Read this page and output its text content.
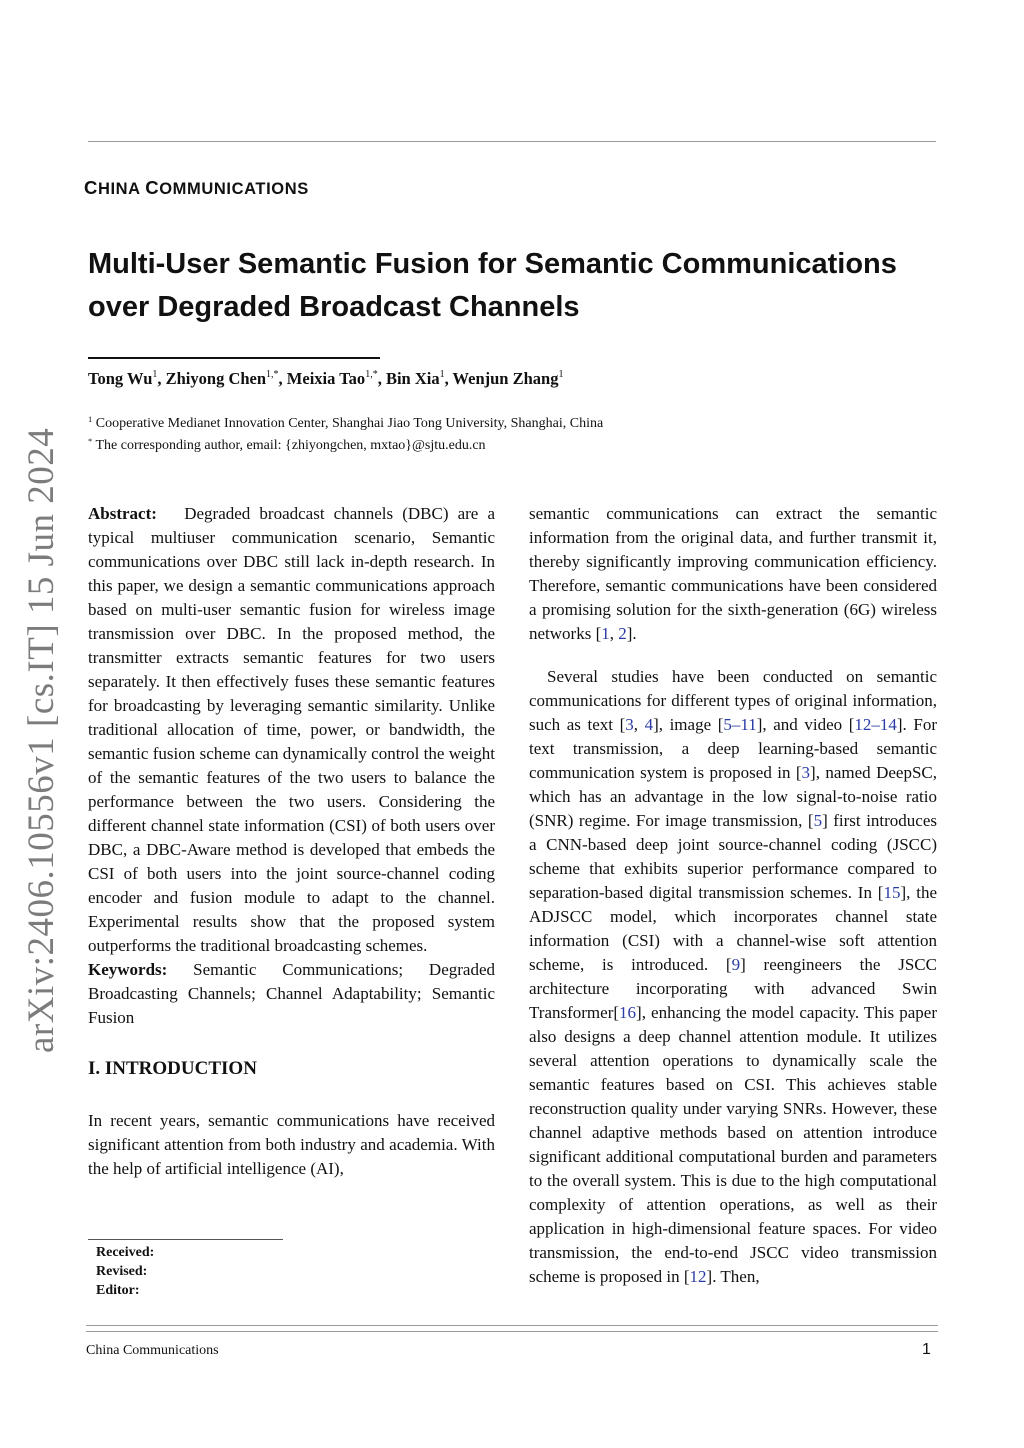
CHINA COMMUNICATIONS
Multi-User Semantic Fusion for Semantic Communications
over Degraded Broadcast Channels
Tong Wu$^1$, Zhiyong Chen$^{1,*}$, Meixia Tao$^{1,*}$, Bin Xia$^1$, Wenjun Zhang$^1$
$^1$ Cooperative Medianet Innovation Center, Shanghai Jiao Tong University, Shanghai, China
* The corresponding author, email: {zhiyongchen, mxtao}@sjtu.edu.cn
arXiv:2406.10556v1 [cs.IT] 15 Jun 2024 Abstract: Degraded broadcast channels (DBC) are a typical multiuser communication scenario, Semantic communications over DBC still lack in-depth research. In this paper, we design a semantic communications approach based on multi-user semantic fusion for wireless image transmission over DBC. In the proposed method, the transmitter extracts semantic features for two users separately. It then effectively fuses these semantic features for broadcasting by leveraging semantic similarity. Unlike traditional allocation of time, power, or bandwidth, the semantic fusion scheme can dynamically control the weight of the semantic features of the two users to balance the performance between the two users. Considering the different channel state information (CSI) of both users over DBC, a DBC-Aware method is developed that embeds the CSI of both users into the joint source-channel coding encoder and fusion module to adapt to the channel. Experimental results show that the proposed system outperforms the traditional broadcasting schemes.

Keywords: Semantic Communications; Degraded Broadcasting Channels; Channel Adaptability; Semantic Fusion

I. INTRODUCTION

In recent years, semantic communications have received significant attention from both industry and academia. With the help of artificial intelligence (AI),

Received:
Revised:
Editor:

semantic communications can extract the semantic information from the original data, and further transmit it, thereby significantly improving communication efficiency. Therefore, semantic communications have been considered a promising solution for the sixth-generation (6G) wireless networks [1, 2].

Several studies have been conducted on semantic communications for different types of original information, such as text [3, 4], image [5–11], and video [12–14]. For text transmission, a deep learning-based semantic communication system is proposed in [3], named DeepSC, which has an advantage in the low signal-to-noise ratio (SNR) regime. For image transmission, [5] first introduces a CNN-based deep joint source-channel coding (JSCC) scheme that exhibits superior performance compared to separation-based digital transmission schemes. In [15], the ADJSCC model, which incorporates channel state information (CSI) with a channel-wise soft attention scheme, is introduced. [9] reengineers the JSCC architecture incorporating with advanced Swin Transformer[16], enhancing the model capacity. This paper also designs a deep channel attention module. It utilizes several attention operations to dynamically scale the semantic features based on CSI. This achieves stable reconstruction quality under varying SNRs. However, these channel adaptive methods based on attention introduce significant additional computational burden and parameters to the overall system. This is due to the high computational complexity of attention operations, as well as their application in high-dimensional feature spaces. For video transmission, the end-to-end JSCC video transmission scheme is proposed in [12]. Then,

China Communications	1
